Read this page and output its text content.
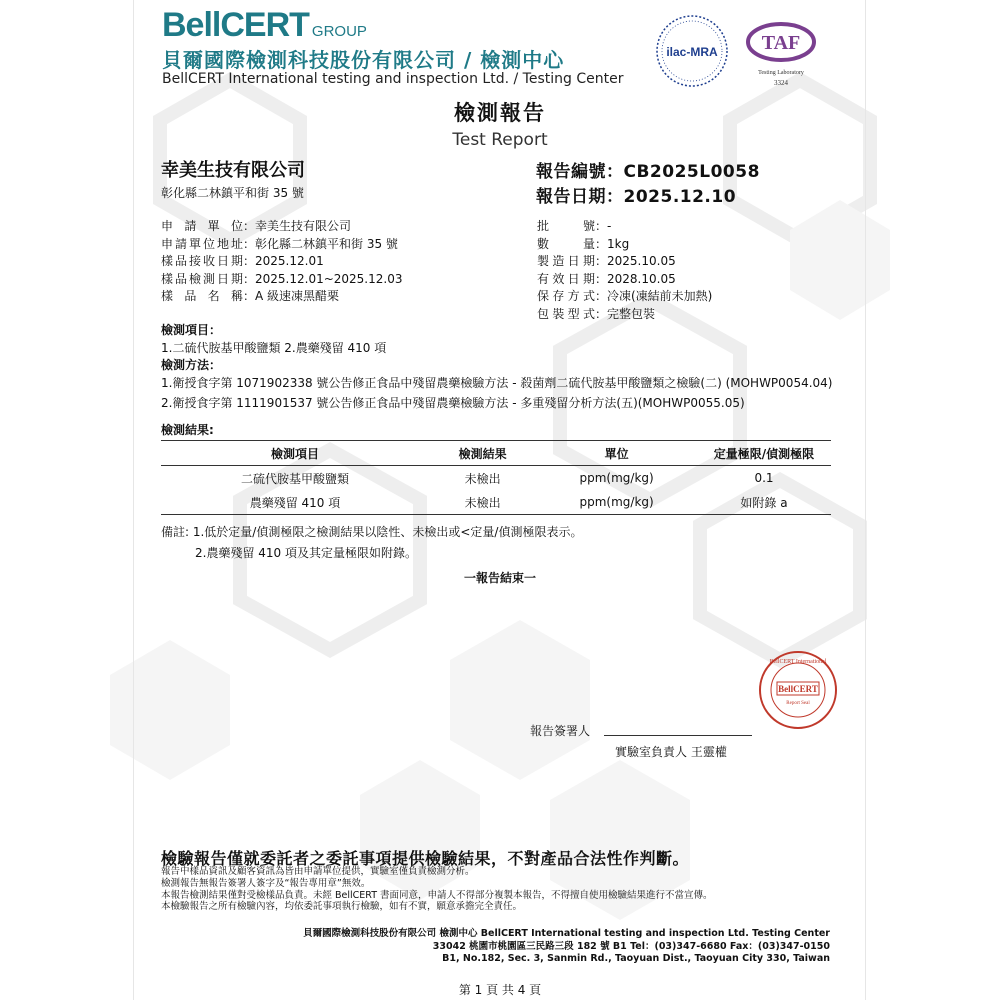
BellCERT GROUP
貝爾國際檢測科技股份有限公司 / 檢測中心
BellCERT International testing and inspection Ltd. / Testing Center
ilac-MRA TAF
Testing Laboratory
3324
檢測報告
Test Report
幸美生技有限公司
彰化縣二林鎮平和街 35 號
報告編號：CB2025L0058
報告日期：2025.12.10
申請單位：幸美生技有限公司
申請單位地址：彰化縣二林鎮平和街 35 號
樣品接收日期：2025.12.01
樣品檢測日期：2025.12.01~2025.12.03
樣品名稱：A 級速凍黑醋栗
批號：-
數量：1kg
製造日期：2025.10.05
有效日期：2028.10.05
保存方式：冷凍(凍結前未加熱)
包裝型式：完整包裝
檢測項目：
1.二硫代胺基甲酸鹽類 2.農藥殘留 410 項
檢測方法：
1.衛授食字第 1071902338 號公告修正食品中殘留農藥檢驗方法 - 殺菌劑二硫代胺基甲酸鹽類之檢驗(二) (MOHWP0054.04)
2.衛授食字第 1111901537 號公告修正食品中殘留農藥檢驗方法 - 多重殘留分析方法(五)(MOHWP0055.05)
檢測結果:
檢測項目	檢測結果	單位	定量極限/偵測極限
二硫代胺基甲酸鹽類	未檢出	ppm(mg/kg)	0.1
農藥殘留 410 項	未檢出	ppm(mg/kg)	如附錄 a
備註: 1.低於定量/偵測極限之檢測結果以陰性、未檢出或<定量/偵測極限表示。
2.農藥殘留 410 項及其定量極限如附錄。
一報告結束一
BellCERT International
BellCERT
Report Seal
報告簽署人
實驗室負責人 王靈權
檢驗報告僅就委託者之委託事項提供檢驗結果，不對產品合法性作判斷。
報告中樣品資訊及顧客資訊為皆由申請單位提供，實驗室僅負責檢測分析。
檢測報告無報告簽署人簽字及“報告專用章”無效。
本報告檢測結果僅對受檢樣品負責。未經 BellCERT 書面同意，申請人不得部分複製本報告，不得擅自使用檢驗結果進行不當宣傳。
本檢驗報告之所有檢驗內容，均依委託事項執行檢驗，如有不實，願意承擔完全責任。
貝爾國際檢測科技股份有限公司 檢測中心 BellCERT International testing and inspection Ltd. Testing Center
33042 桃園市桃園區三民路三段 182 號 B1 Tel：(03)347-6680 Fax：(03)347-0150
B1, No.182, Sec. 3, Sanmin Rd., Taoyuan Dist., Taoyuan City 330, Taiwan
第 1 頁 共 4 頁
